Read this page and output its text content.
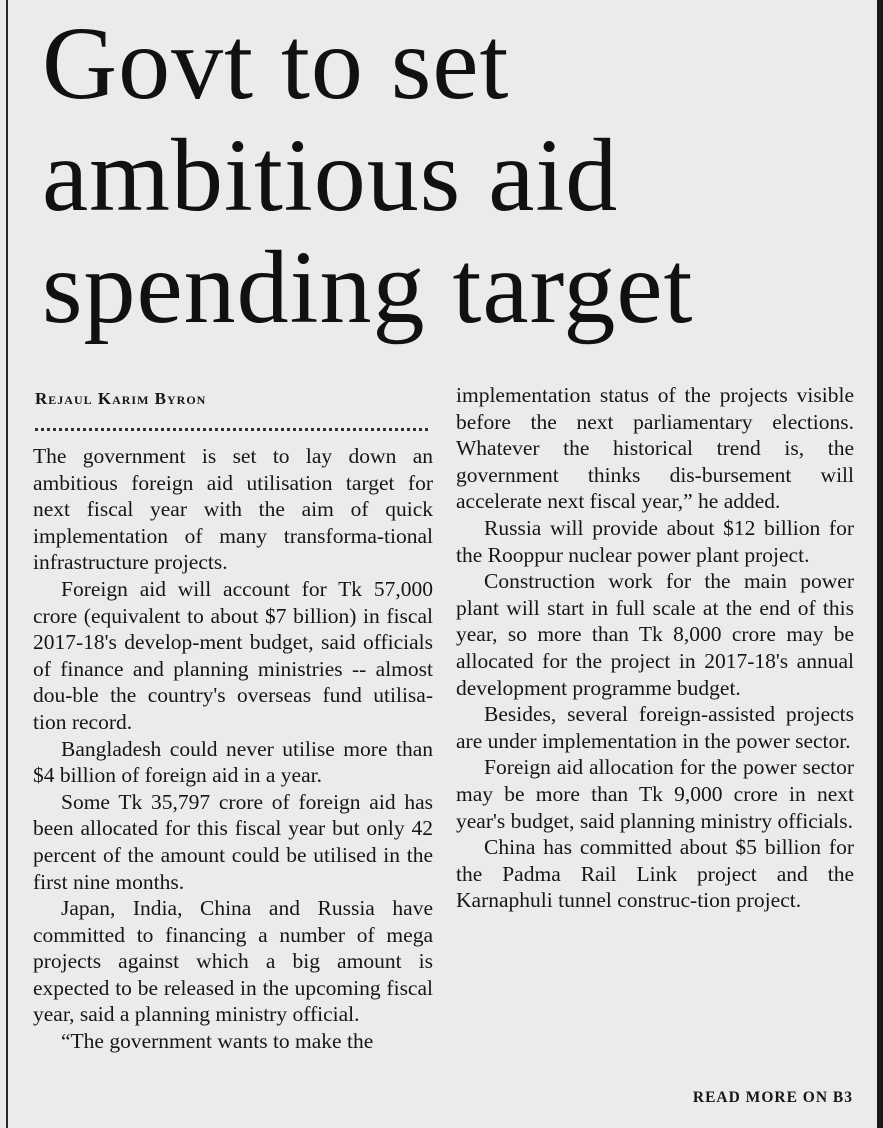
Govt to set
ambitious aid
spending target
Rejaul Karim Byron

The government is set to lay down an ambitious foreign aid utilisation target for next fiscal year with the aim of quick implementation of many transforma-tional infrastructure projects.

Foreign aid will account for Tk 57,000 crore (equivalent to about $7 billion) in fiscal 2017-18's develop-ment budget, said officials of finance and planning ministries -- almost dou-ble the country's overseas fund utilisa-tion record.

Bangladesh could never utilise more than $4 billion of foreign aid in a year.

Some Tk 35,797 crore of foreign aid has been allocated for this fiscal year but only 42 percent of the amount could be utilised in the first nine months.

Japan, India, China and Russia have committed to financing a number of mega projects against which a big amount is expected to be released in the upcoming fiscal year, said a planning ministry official.

“The government wants to make the

implementation status of the projects visible before the next parliamentary elections. Whatever the historical trend is, the government thinks dis-bursement will accelerate next fiscal year,” he added.

Russia will provide about $12 billion for the Rooppur nuclear power plant project.

Construction work for the main power plant will start in full scale at the end of this year, so more than Tk 8,000 crore may be allocated for the project in 2017-18's annual development programme budget.

Besides, several foreign-assisted projects are under implementation in the power sector.

Foreign aid allocation for the power sector may be more than Tk 9,000 crore in next year's budget, said planning ministry officials.

China has committed about $5 billion for the Padma Rail Link project and the Karnaphuli tunnel construc-tion project.

READ MORE ON B3
